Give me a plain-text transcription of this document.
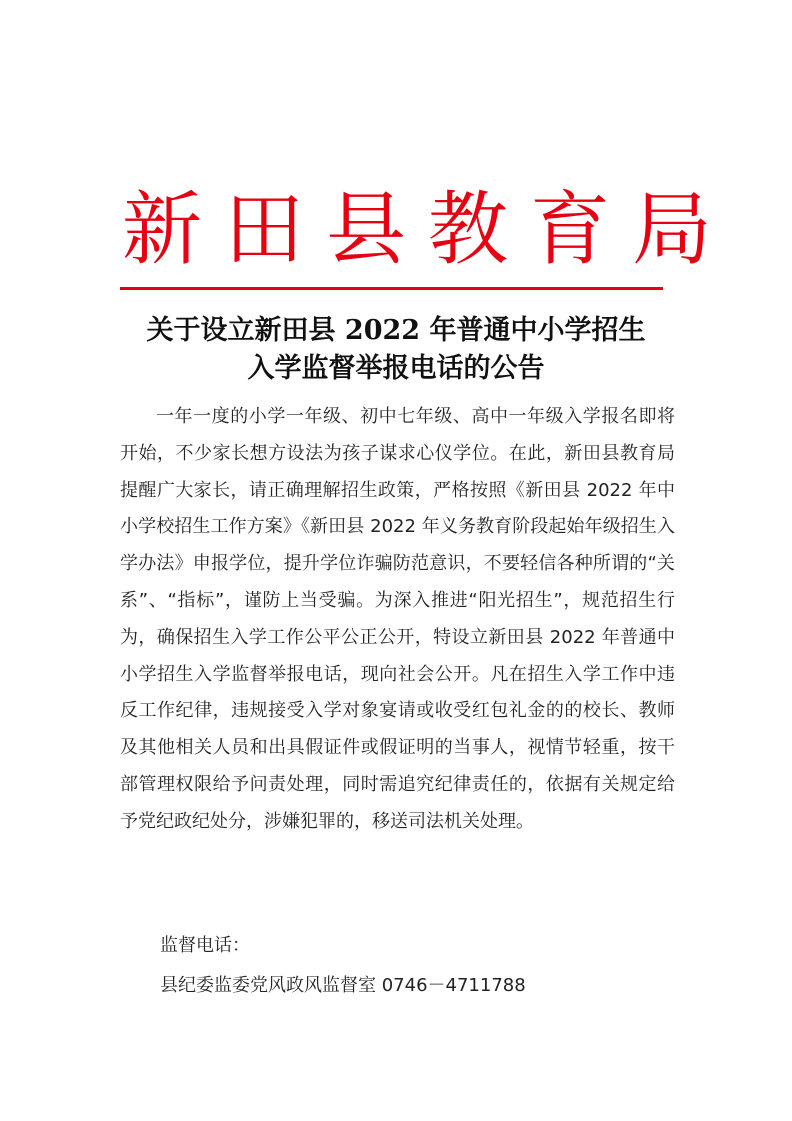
新田县教育局
关于设立新田县 2022 年普通中小学招生
入学监督举报电话的公告

一年一度的小学一年级、初中七年级、高中一年级入学报名即将开始，不少家长想方设法为孩子谋求心仪学位。在此，新田县教育局提醒广大家长，请正确理解招生政策，严格按照《新田县 2022 年中小学校招生工作方案》《新田县 2022 年义务教育阶段起始年级招生入学办法》申报学位，提升学位诈骗防范意识，不要轻信各种所谓的“关系”、“指标”，谨防上当受骗。为深入推进“阳光招生”，规范招生行为，确保招生入学工作公平公正公开，特设立新田县 2022 年普通中小学招生入学监督举报电话，现向社会公开。凡在招生入学工作中违反工作纪律，违规接受入学对象宴请或收受红包礼金的的校长、教师及其他相关人员和出具假证件或假证明的当事人，视情节轻重，按干部管理权限给予问责处理，同时需追究纪律责任的，依据有关规定给予党纪政纪处分，涉嫌犯罪的，移送司法机关处理。

监督电话：
县纪委监委党风政风监督室 0746－4711788
